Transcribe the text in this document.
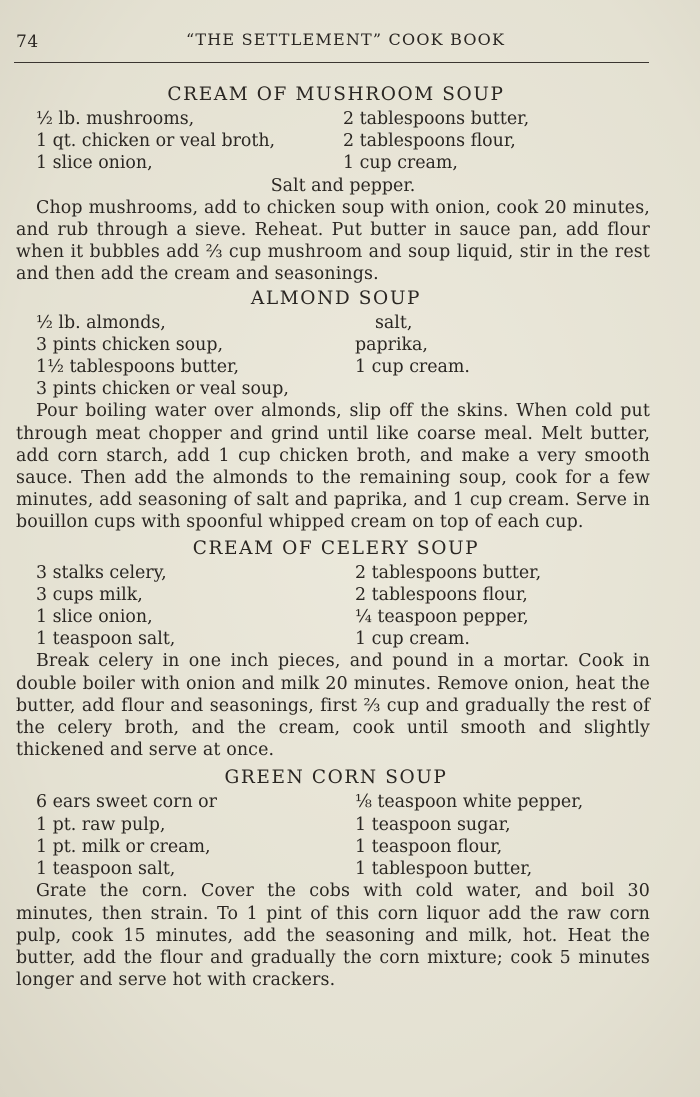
74	“THE SETTLEMENT” COOK BOOK
CREAM OF MUSHROOM SOUP
½ lb. mushrooms,	2 tablespoons butter,
1 qt. chicken or veal broth,	2 tablespoons flour,
1 slice onion,	1 cup cream,
Salt and pepper.

Chop mushrooms, add to chicken soup with onion, cook 20 minutes, and rub through a sieve. Reheat. Put butter in sauce pan, add flour when it bubbles add ⅔ cup mushroom and soup liquid, stir in the rest and then add the cream and seasonings.

ALMOND SOUP
½ lb. almonds,	salt,
3 pints chicken soup,	paprika,
1½ tablespoons butter,	1 cup cream.
3 pints chicken or veal soup,

Pour boiling water over almonds, slip off the skins. When cold put through meat chopper and grind until like coarse meal. Melt butter, add corn starch, add 1 cup chicken broth, and make a very smooth sauce. Then add the almonds to the remaining soup, cook for a few minutes, add seasoning of salt and paprika, and 1 cup cream. Serve in bouillon cups with spoonful whipped cream on top of each cup.

CREAM OF CELERY SOUP
3 stalks celery,	2 tablespoons butter,
3 cups milk,	2 tablespoons flour,
1 slice onion,	¼ teaspoon pepper,
1 teaspoon salt,	1 cup cream.

Break celery in one inch pieces, and pound in a mortar. Cook in double boiler with onion and milk 20 minutes. Remove onion, heat the butter, add flour and seasonings, first ⅔ cup and gradually the rest of the celery broth, and the cream, cook until smooth and slightly thickened and serve at once.

GREEN CORN SOUP
6 ears sweet corn or	⅛ teaspoon white pepper,
1 pt. raw pulp,	1 teaspoon sugar,
1 pt. milk or cream,	1 teaspoon flour,
1 teaspoon salt,	1 tablespoon butter,

Grate the corn. Cover the cobs with cold water, and boil 30 minutes, then strain. To 1 pint of this corn liquor add the raw corn pulp, cook 15 minutes, add the seasoning and milk, hot. Heat the butter, add the flour and gradually the corn mixture; cook 5 minutes longer and serve hot with crackers.
